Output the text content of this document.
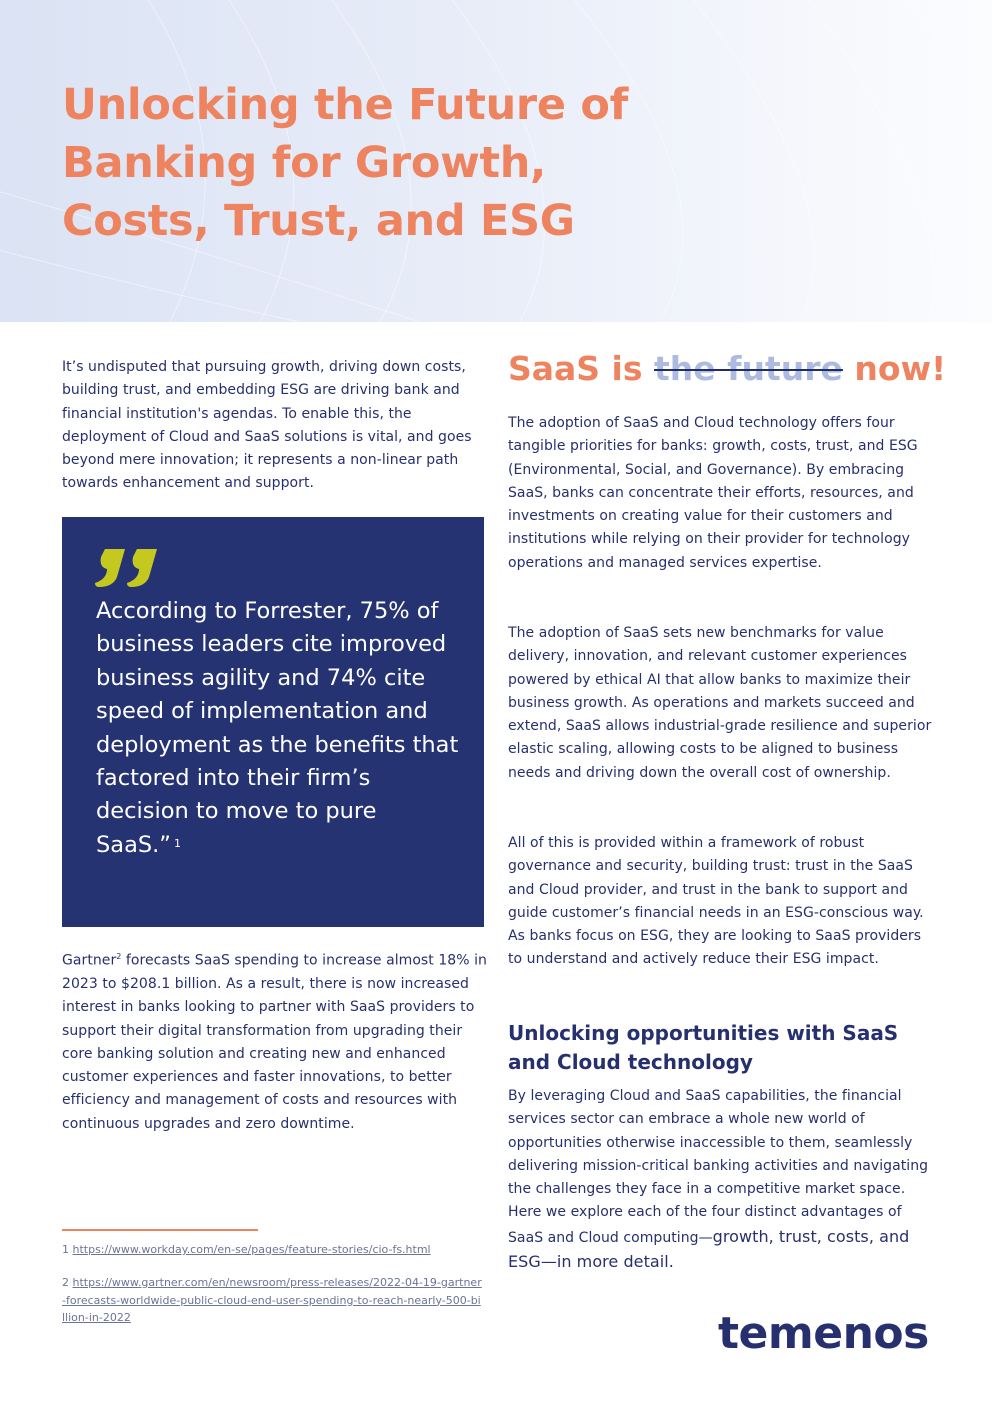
Unlocking the Future of Banking for Growth, Costs, Trust, and ESG

It’s undisputed that pursuing growth, driving down costs, building trust, and embedding ESG are driving bank and financial institution's agendas. To enable this, the deployment of Cloud and SaaS solutions is vital, and goes beyond mere innovation; it represents a non-linear path towards enhancement and support.

According to Forrester, 75% of business leaders cite improved business agility and 74% cite speed of implementation and deployment as the benefits that factored into their firm’s decision to move to pure SaaS.” $^1$

Gartner$^2$ forecasts SaaS spending to increase almost 18% in 2023 to $208.1 billion. As a result, there is now increased interest in banks looking to partner with SaaS providers to support their digital transformation from upgrading their core banking solution and creating new and enhanced customer experiences and faster innovations, to better efficiency and management of costs and resources with continuous upgrades and zero downtime.

1 https://www.workday.com/en-se/pages/feature-stories/cio-fs.html

2 https://www.gartner.com/en/newsroom/press-releases/2022-04-19-gartner-forecasts-worldwide-public-cloud-end-user-spending-to-reach-nearly-500-billion-in-2022

SaaS is the future now!

The adoption of SaaS and Cloud technology offers four tangible priorities for banks: growth, costs, trust, and ESG (Environmental, Social, and Governance). By embracing SaaS, banks can concentrate their efforts, resources, and investments on creating value for their customers and institutions while relying on their provider for technology operations and managed services expertise.

The adoption of SaaS sets new benchmarks for value delivery, innovation, and relevant customer experiences powered by ethical AI that allow banks to maximize their business growth. As operations and markets succeed and extend, SaaS allows industrial-grade resilience and superior elastic scaling, allowing costs to be aligned to business needs and driving down the overall cost of ownership.

All of this is provided within a framework of robust governance and security, building trust: trust in the SaaS and Cloud provider, and trust in the bank to support and guide customer’s financial needs in an ESG-conscious way. As banks focus on ESG, they are looking to SaaS providers to understand and actively reduce their ESG impact.

Unlocking opportunities with SaaS and Cloud technology

By leveraging Cloud and SaaS capabilities, the financial services sector can embrace a whole new world of opportunities otherwise inaccessible to them, seamlessly delivering mission-critical banking activities and navigating the challenges they face in a competitive market space. Here we explore each of the four distinct advantages of SaaS and Cloud computing—growth, trust, costs, and ESG—in more detail.

temenos
